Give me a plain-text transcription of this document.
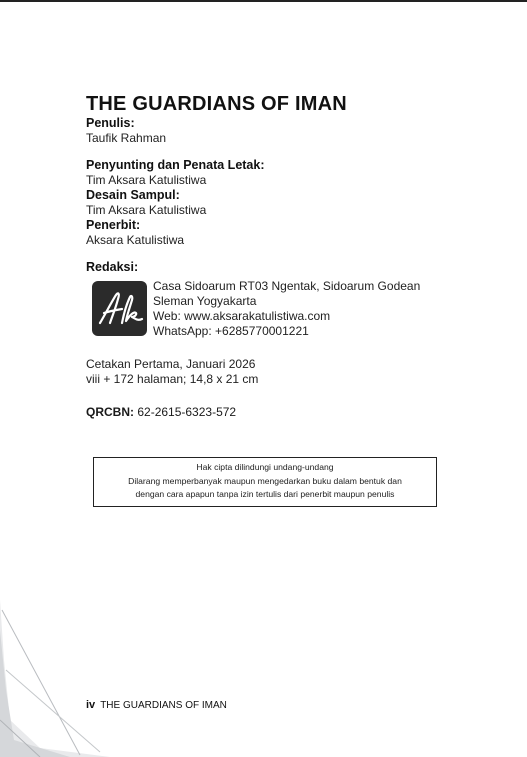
THE GUARDIANS OF IMAN
Penulis:
Taufik Rahman
Penyunting dan Penata Letak:
Tim Aksara Katulistiwa
Desain Sampul:
Tim Aksara Katulistiwa
Penerbit:
Aksara Katulistiwa
Redaksi:
Casa Sidoarum RT03 Ngentak, Sidoarum Godean
Sleman Yogyakarta
Web: www.aksarakatulistiwa.com
WhatsApp: +6285770001221
Cetakan Pertama, Januari 2026
viii + 172 halaman; 14,8 x 21 cm
QRCBN: 62-2615-6323-572
Hak cipta dilindungi undang-undang
Dilarang memperbanyak maupun mengedarkan buku dalam bentuk dan
dengan cara apapun tanpa izin tertulis dari penerbit maupun penulis
iv THE GUARDIANS OF IMAN
